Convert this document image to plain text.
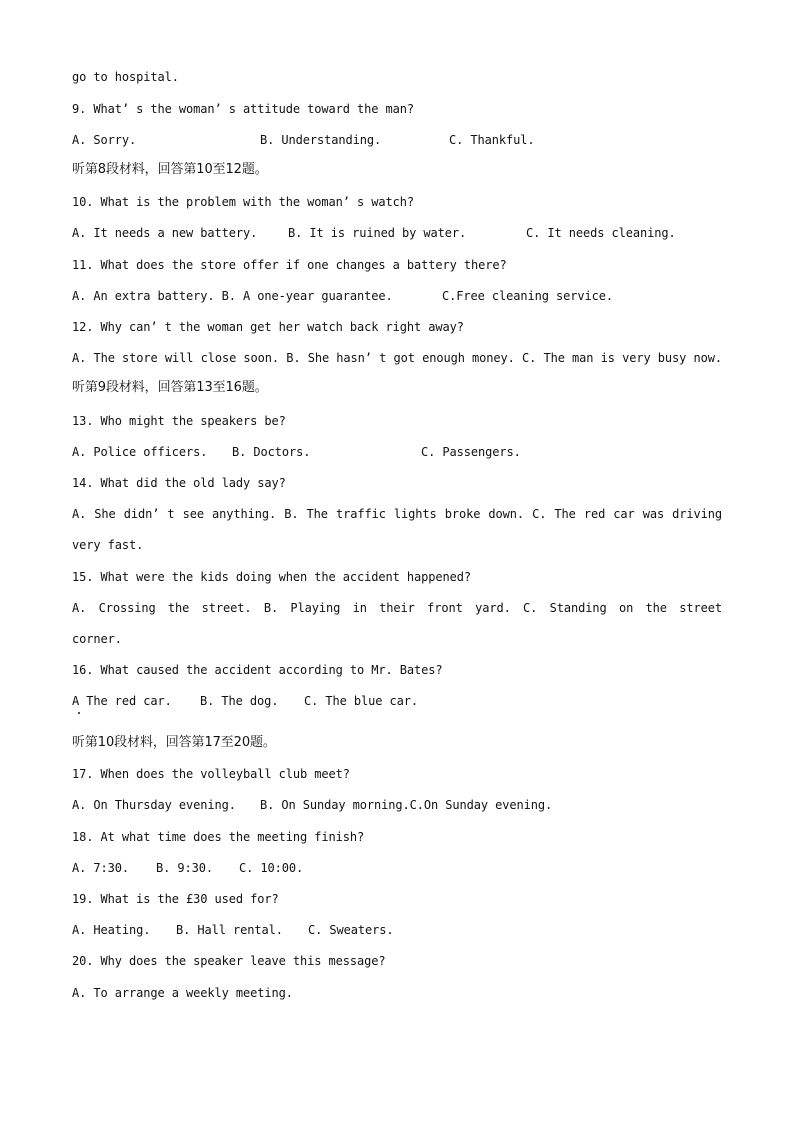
go to hospital.
9. What’ s the woman’ s attitude toward the man?
A. Sorry.	B. Understanding.	C. Thankful.
听第8段材料，回答第10至12题。
10. What is the problem with the woman’ s watch?
A. It needs a new battery.	B. It is ruined by water.	C. It needs cleaning.
11. What does the store offer if one changes a battery there?
A. An extra battery. B. A one-year guarantee.	C.Free cleaning service.
12. Why can’ t the woman get her watch back right away?
A. The store will close soon. B. She hasn’ t got enough money. C. The man is very busy now.
听第9段材料，回答第13至16题。
13. Who might the speakers be?
A. Police officers. B. Doctors.	C. Passengers.
14. What did the old lady say?
A. She didn’ t see anything. B. The traffic lights broke down. C. The red car was driving
very fast.
15. What were the kids doing when the accident happened?
A. Crossing the street. B. Playing in their front yard. C. Standing on the street
corner.
16. What caused the accident according to Mr. Bates?
A The red car. B. The dog. C. The blue car.
听第10段材料，回答第17至20题。
17. When does the volleyball club meet?
A. On Thursday evening. B. On Sunday morning.C.On Sunday evening.
18. At what time does the meeting finish?
A. 7:30. B. 9:30. C. 10:00.
19. What is the £30 used for?
A. Heating. B. Hall rental. C. Sweaters.
20. Why does the speaker leave this message?
A. To arrange a weekly meeting.
